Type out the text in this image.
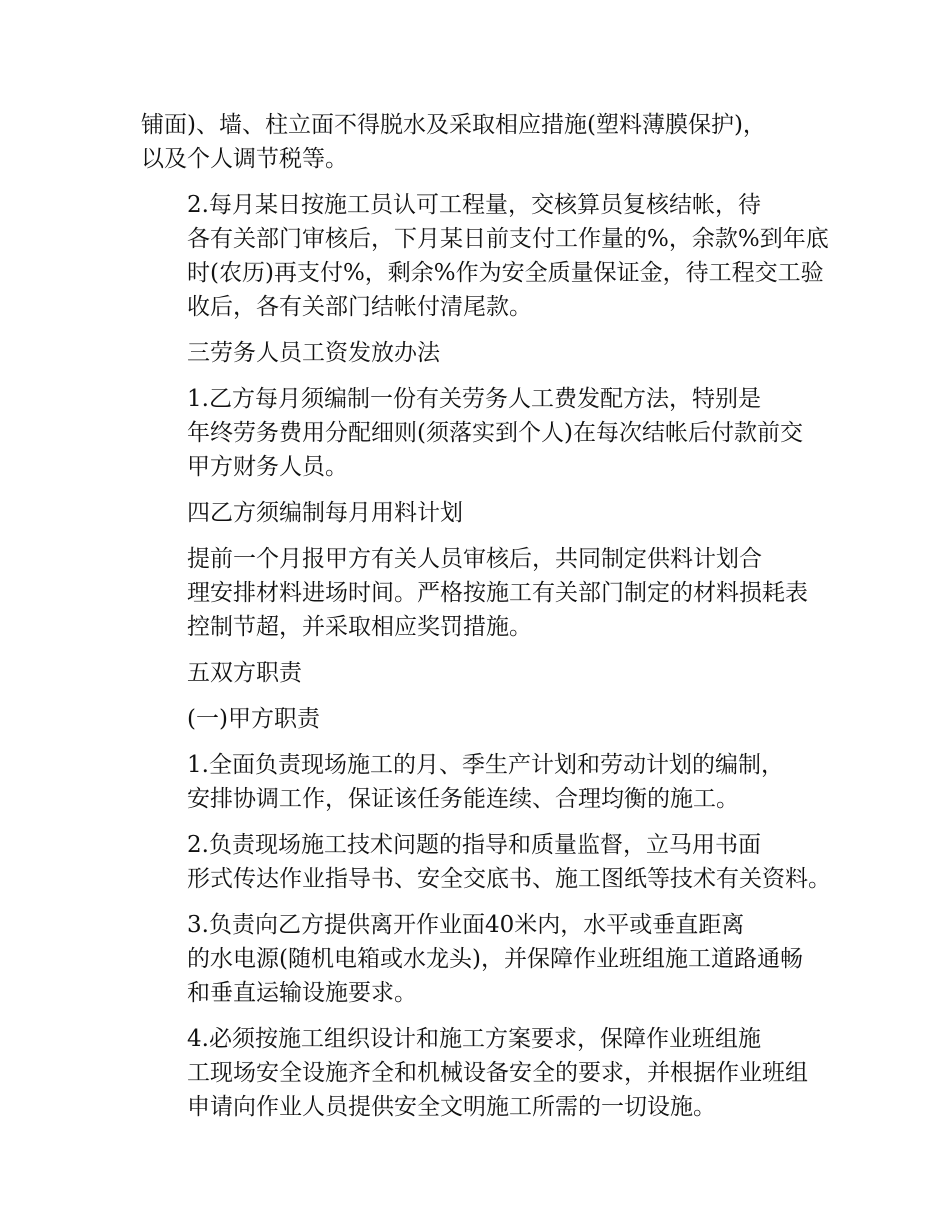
铺面)、墙、柱立面不得脱水及采取相应措施(塑料薄膜保护)，
以及个人调节税等。
2.每月某日按施工员认可工程量，交核算员复核结帐，待
各有关部门审核后，下月某日前支付工作量的%，余款%到年底
时(农历)再支付%，剩余%作为安全质量保证金，待工程交工验
收后，各有关部门结帐付清尾款。
三劳务人员工资发放办法
1.乙方每月须编制一份有关劳务人工费发配方法，特别是
年终劳务费用分配细则(须落实到个人)在每次结帐后付款前交
甲方财务人员。
四乙方须编制每月用料计划
提前一个月报甲方有关人员审核后，共同制定供料计划合
理安排材料进场时间。严格按施工有关部门制定的材料损耗表
控制节超，并采取相应奖罚措施。
五双方职责
(一)甲方职责
1.全面负责现场施工的月、季生产计划和劳动计划的编制，
安排协调工作，保证该任务能连续、合理均衡的施工。
2.负责现场施工技术问题的指导和质量监督，立马用书面
形式传达作业指导书、安全交底书、施工图纸等技术有关资料。
3.负责向乙方提供离开作业面40米内，水平或垂直距离
的水电源(随机电箱或水龙头)，并保障作业班组施工道路通畅
和垂直运输设施要求。
4.必须按施工组织设计和施工方案要求，保障作业班组施
工现场安全设施齐全和机械设备安全的要求，并根据作业班组
申请向作业人员提供安全文明施工所需的一切设施。
